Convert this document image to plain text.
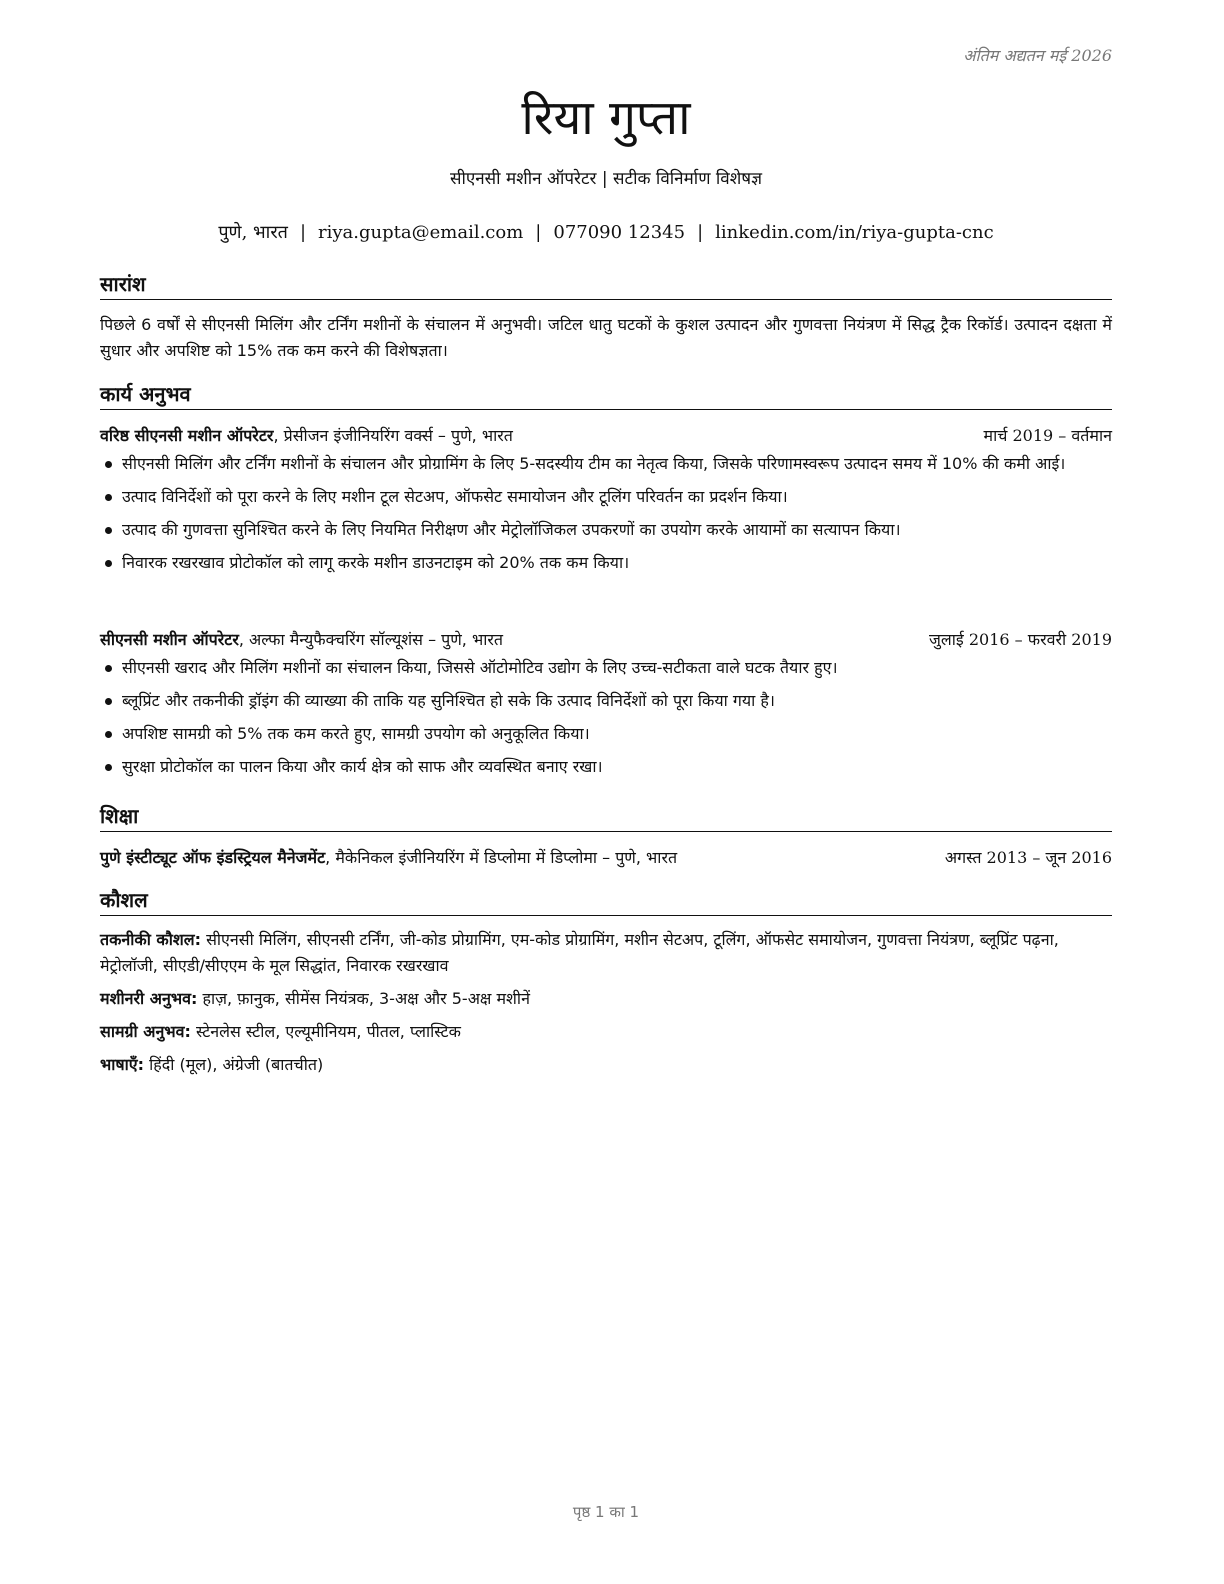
अंतिम अद्यतन मई 2026
रिया गुप्ता
सीएनसी मशीन ऑपरेटर | सटीक विनिर्माण विशेषज्ञ
पुणे, भारत | riya.gupta@email.com | 077090 12345 | linkedin.com/in/riya-gupta-cnc
सारांश
पिछले 6 वर्षों से सीएनसी मिलिंग और टर्निंग मशीनों के संचालन में अनुभवी। जटिल धातु घटकों के कुशल उत्पादन और गुणवत्ता नियंत्रण में सिद्ध ट्रैक रिकॉर्ड। उत्पादन दक्षता में सुधार और अपशिष्ट को 15% तक कम करने की विशेषज्ञता।
कार्य अनुभव
वरिष्ठ सीएनसी मशीन ऑपरेटर, प्रेसीजन इंजीनियरिंग वर्क्स – पुणे, भारत	मार्च 2019 – वर्तमान
सीएनसी मिलिंग और टर्निंग मशीनों के संचालन और प्रोग्रामिंग के लिए 5-सदस्यीय टीम का नेतृत्व किया, जिसके परिणामस्वरूप उत्पादन समय में 10% की कमी आई।
उत्पाद विनिर्देशों को पूरा करने के लिए मशीन टूल सेटअप, ऑफसेट समायोजन और टूलिंग परिवर्तन का प्रदर्शन किया।
उत्पाद की गुणवत्ता सुनिश्चित करने के लिए नियमित निरीक्षण और मेट्रोलॉजिकल उपकरणों का उपयोग करके आयामों का सत्यापन किया।
निवारक रखरखाव प्रोटोकॉल को लागू करके मशीन डाउनटाइम को 20% तक कम किया।
सीएनसी मशीन ऑपरेटर, अल्फा मैन्युफैक्चरिंग सॉल्यूशंस – पुणे, भारत	जुलाई 2016 – फरवरी 2019
सीएनसी खराद और मिलिंग मशीनों का संचालन किया, जिससे ऑटोमोटिव उद्योग के लिए उच्च-सटीकता वाले घटक तैयार हुए।
ब्लूप्रिंट और तकनीकी ड्रॉइंग की व्याख्या की ताकि यह सुनिश्चित हो सके कि उत्पाद विनिर्देशों को पूरा किया गया है।
अपशिष्ट सामग्री को 5% तक कम करते हुए, सामग्री उपयोग को अनुकूलित किया।
सुरक्षा प्रोटोकॉल का पालन किया और कार्य क्षेत्र को साफ और व्यवस्थित बनाए रखा।
शिक्षा
पुणे इंस्टीट्यूट ऑफ इंडस्ट्रियल मैनेजमेंट, मैकेनिकल इंजीनियरिंग में डिप्लोमा में डिप्लोमा – पुणे, भारत	अगस्त 2013 – जून 2016
कौशल
तकनीकी कौशल: सीएनसी मिलिंग, सीएनसी टर्निंग, जी-कोड प्रोग्रामिंग, एम-कोड प्रोग्रामिंग, मशीन सेटअप, टूलिंग, ऑफसेट समायोजन, गुणवत्ता नियंत्रण, ब्लूप्रिंट पढ़ना, मेट्रोलॉजी, सीएडी/सीएएम के मूल सिद्धांत, निवारक रखरखाव
मशीनरी अनुभव: हाज़, फ़ानुक, सीमेंस नियंत्रक, 3-अक्ष और 5-अक्ष मशीनें
सामग्री अनुभव: स्टेनलेस स्टील, एल्यूमीनियम, पीतल, प्लास्टिक
भाषाएँ: हिंदी (मूल), अंग्रेजी (बातचीत)
पृष्ठ 1 का 1
